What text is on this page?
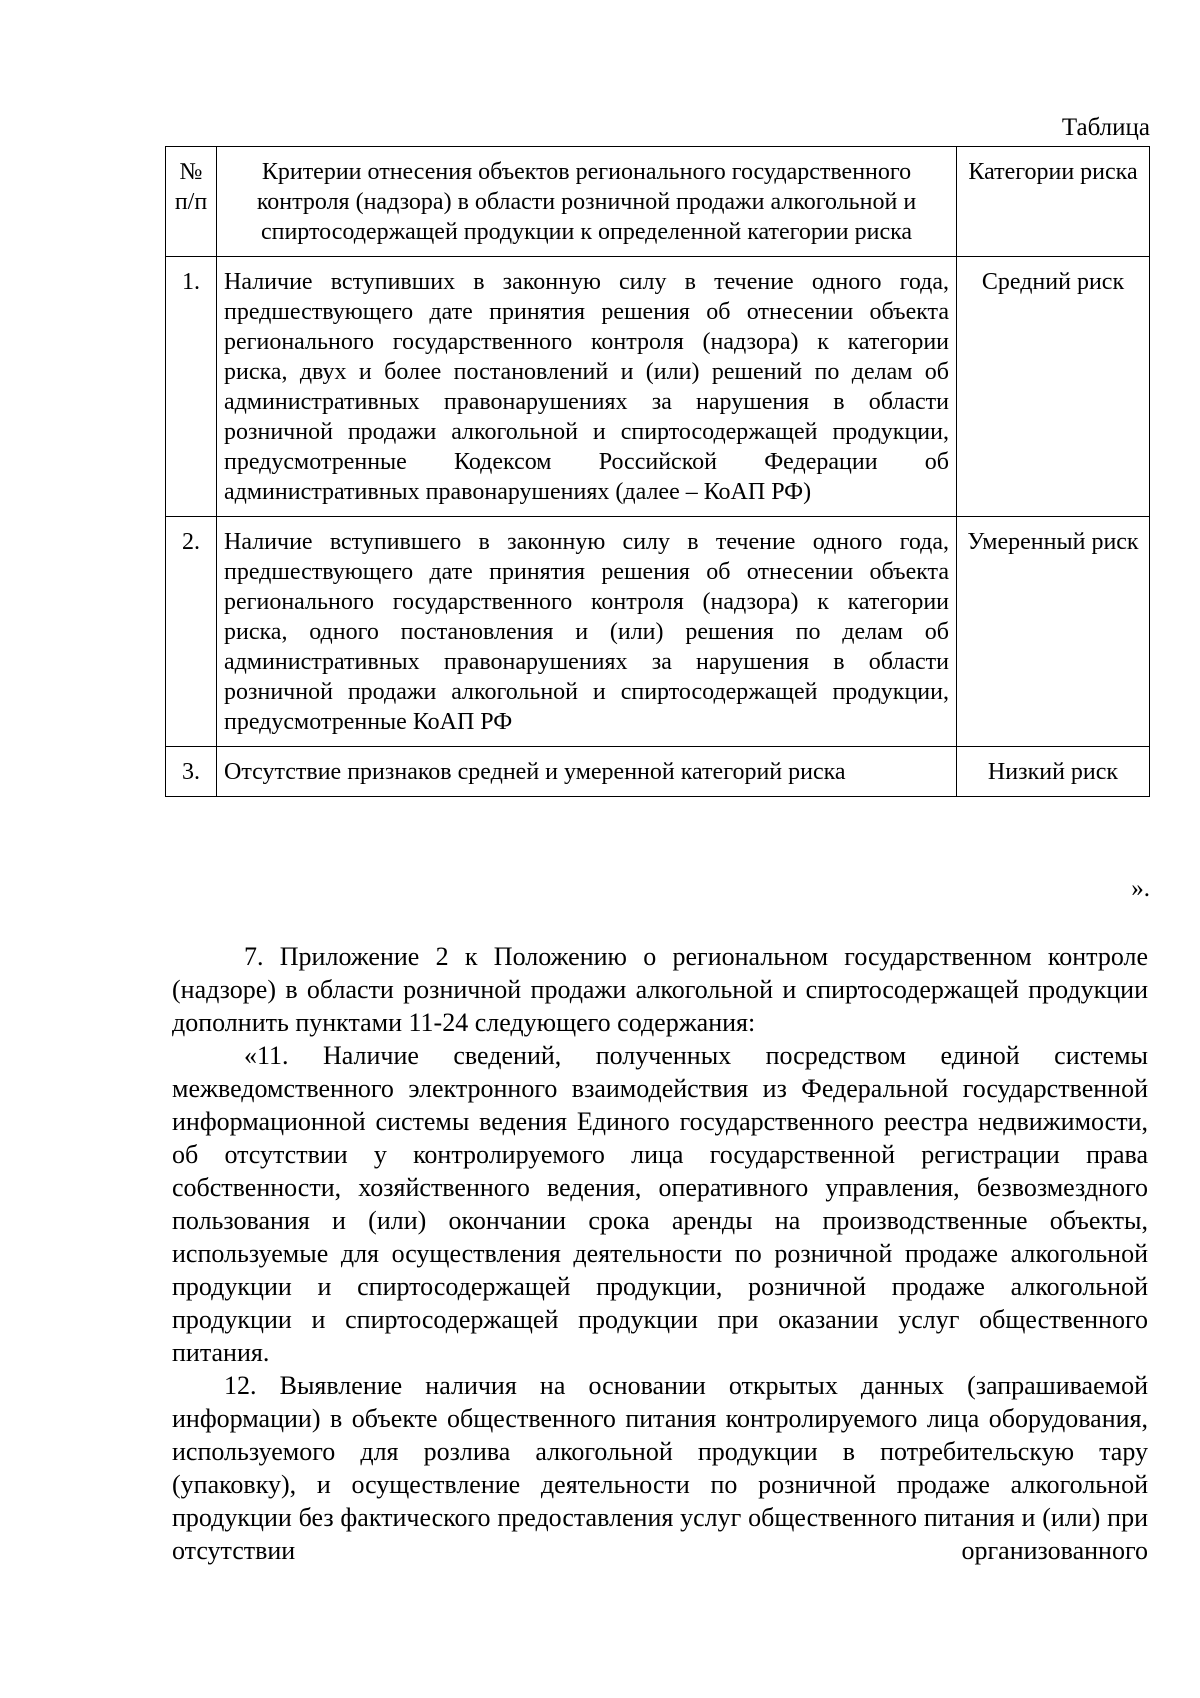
Таблица
№ п/п	Критерии отнесения объектов регионального государственного контроля (надзора) в области розничной продажи алкогольной и спиртосодержащей продукции к определенной категории риска	Категории риска
1.	Наличие вступивших в законную силу в течение одного года, предшествующего дате принятия решения об отнесении объекта регионального государственного контроля (надзора) к категории риска, двух и более постановлений и (или) решений по делам об административных правонарушениях за нарушения в области розничной продажи алкогольной и спиртосодержащей продукции, предусмотренные Кодексом Российской Федерации об административных правонарушениях (далее – КоАП РФ)	Средний риск
2.	Наличие вступившего в законную силу в течение одного года, предшествующего дате принятия решения об отнесении объекта регионального государственного контроля (надзора) к категории риска, одного постановления и (или) решения по делам об административных правонарушениях за нарушения в области розничной продажи алкогольной и спиртосодержащей продукции, предусмотренные КоАП РФ	Умеренный риск
3.	Отсутствие признаков средней и умеренной категорий риска	Низкий риск
».

7. Приложение 2 к Положению о региональном государственном контроле (надзоре) в области розничной продажи алкогольной и спиртосодержащей продукции дополнить пунктами 11-24 следующего содержания:

«11. Наличие сведений, полученных посредством единой системы межведомственного электронного взаимодействия из Федеральной государственной информационной системы ведения Единого государственного реестра недвижимости, об отсутствии у контролируемого лица государственной регистрации права собственности, хозяйственного ведения, оперативного управления, безвозмездного пользования и (или) окончании срока аренды на производственные объекты, используемые для осуществления деятельности по розничной продаже алкогольной продукции и спиртосодержащей продукции, розничной продаже алкогольной продукции и спиртосодержащей продукции при оказании услуг общественного питания.

12. Выявление наличия на основании открытых данных (запрашиваемой информации) в объекте общественного питания контролируемого лица оборудования, используемого для розлива алкогольной продукции в потребительскую тару (упаковку), и осуществление деятельности по розничной продаже алкогольной продукции без фактического предоставления услуг общественного питания и (или) при отсутствии организованного
